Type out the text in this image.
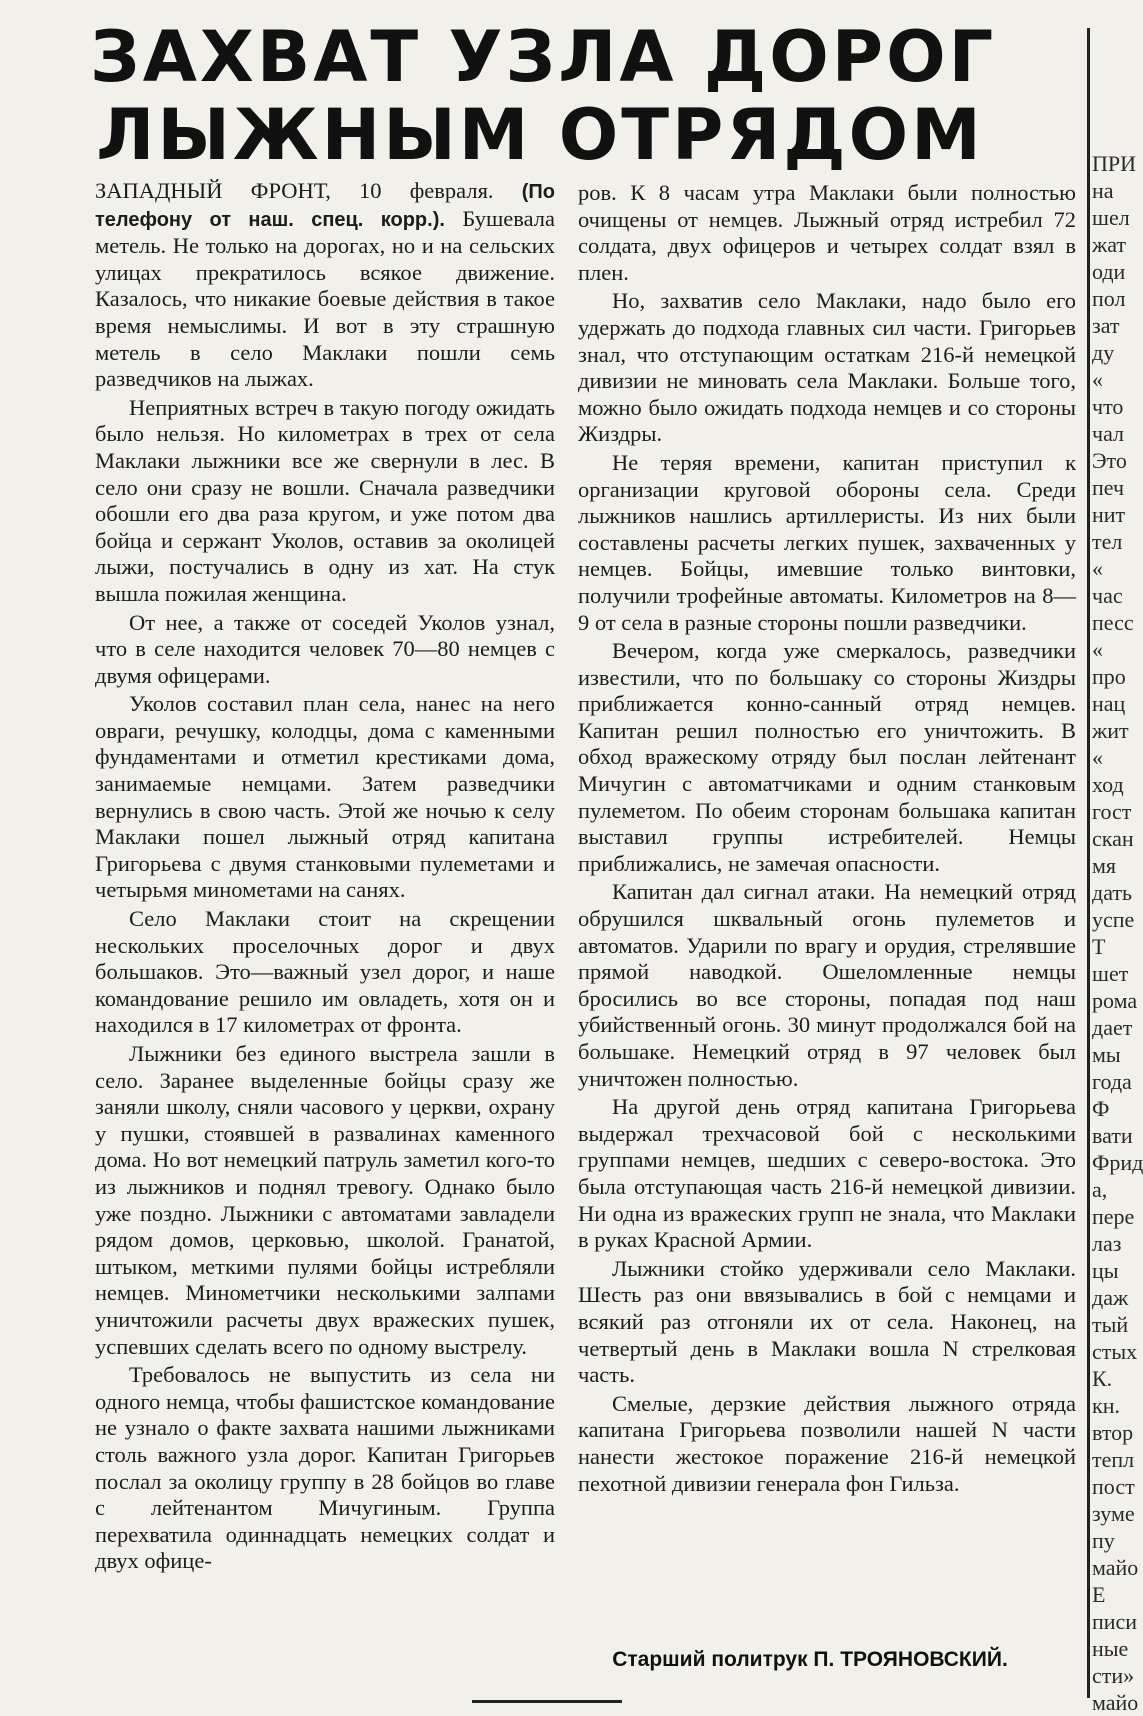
ЗАХВАТ УЗЛА ДОРОГ
ЛЫЖНЫМ ОТРЯДОМ

ЗАПАДНЫЙ ФРОНТ, 10 февраля. (По телефону от наш. спец. корр.). Бушевала метель. Не только на дорогах, но и на сельских улицах прекратилось всякое движение. Казалось, что никакие боевые действия в такое время немыслимы. И вот в эту страшную метель в село Маклаки пошли семь разведчиков на лыжах.

Неприятных встреч в такую погоду ожидать было нельзя. Но километрах в трех от села Маклаки лыжники все же свернули в лес. В село они сразу не вошли. Сначала разведчики обошли его два раза кругом, и уже потом два бойца и сержант Уколов, оставив за околицей лыжи, постучались в одну из хат. На стук вышла пожилая женщина.

От нее, а также от соседей Уколов узнал, что в селе находится человек 70—80 немцев с двумя офицерами.

Уколов составил план села, нанес на него овраги, речушку, колодцы, дома с каменными фундаментами и отметил крестиками дома, занимаемые немцами. Затем разведчики вернулись в свою часть. Этой же ночью к селу Маклаки пошел лыжный отряд капитана Григорьева с двумя станковыми пулеметами и четырьмя минометами на санях.

Село Маклаки стоит на скрещении нескольких проселочных дорог и двух большаков. Это—важный узел дорог, и наше командование решило им овладеть, хотя он и находился в 17 километрах от фронта.

Лыжники без единого выстрела зашли в село. Заранее выделенные бойцы сразу же заняли школу, сняли часового у церкви, охрану у пушки, стоявшей в развалинах каменного дома. Но вот немецкий патруль заметил кого-то из лыжников и поднял тревогу. Однако было уже поздно. Лыжники с автоматами завладели рядом домов, церковью, школой. Гранатой, штыком, меткими пулями бойцы истребляли немцев. Минометчики несколькими залпами уничтожили расчеты двух вражеских пушек, успевших сделать всего по одному выстрелу.

Требовалось не выпустить из села ни одного немца, чтобы фашистское командование не узнало о факте захвата нашими лыжниками столь важного узла дорог. Капитан Григорьев послал за околицу группу в 28 бойцов во главе с лейтенантом Мичугиным. Группа перехватила одиннадцать немецких солдат и двух офице-

ров. К 8 часам утра Маклаки были полностью очищены от немцев. Лыжный отряд истребил 72 солдата, двух офицеров и четырех солдат взял в плен.

Но, захватив село Маклаки, надо было его удержать до подхода главных сил части. Григорьев знал, что отступающим остаткам 216-й немецкой дивизии не миновать села Маклаки. Больше того, можно было ожидать подхода немцев и со стороны Жиздры.

Не теряя времени, капитан приступил к организации круговой обороны села. Среди лыжников нашлись артиллеристы. Из них были составлены расчеты легких пушек, захваченных у немцев. Бойцы, имевшие только винтовки, получили трофейные автоматы. Километров на 8—9 от села в разные стороны пошли разведчики.

Вечером, когда уже смеркалось, разведчики известили, что по большаку со стороны Жиздры приближается конно-санный отряд немцев. Капитан решил полностью его уничтожить. В обход вражескому отряду был послан лейтенант Мичугин с автоматчиками и одним станковым пулеметом. По обеим сторонам большака капитан выставил группы истребителей. Немцы приближались, не замечая опасности.

Капитан дал сигнал атаки. На немецкий отряд обрушился шквальный огонь пулеметов и автоматов. Ударили по врагу и орудия, стрелявшие прямой наводкой. Ошеломленные немцы бросились во все стороны, попадая под наш убийственный огонь. 30 минут продолжался бой на большаке. Немецкий отряд в 97 человек был уничтожен полностью.

На другой день отряд капитана Григорьева выдержал трехчасовой бой с несколькими группами немцев, шедших с северо-востока. Это была отступающая часть 216-й немецкой дивизии. Ни одна из вражеских групп не знала, что Маклаки в руках Красной Армии.

Лыжники стойко удерживали село Маклаки. Шесть раз они ввязывались в бой с немцами и всякий раз отгоняли их от села. Наконец, на четвертый день в Маклаки вошла N стрелковая часть.

Смелые, дерзкие действия лыжного отряда капитана Григорьева позволили нашей N части нанести жестокое поражение 216-й немецкой пехотной дивизии генерала фон Гильза.

Старший политрук П. ТРОЯНОВСКИЙ.
ПРИ
на
шел
жат
оди
пол
зат
ду
«
что
чал
Это
печ
нит
тел
«
час
песс
«
про
нац
жит
«
ход
гост
скан
мя
дать
успе
Т
шет
рома
дает
мы
года
Ф
вати
Фрид
а,
пере
лаз
цы
даж
тый
стых
К.
кн.
втор
тепл
пост
зуме
пу
майо
Е
писи
ные
сти»
майо
